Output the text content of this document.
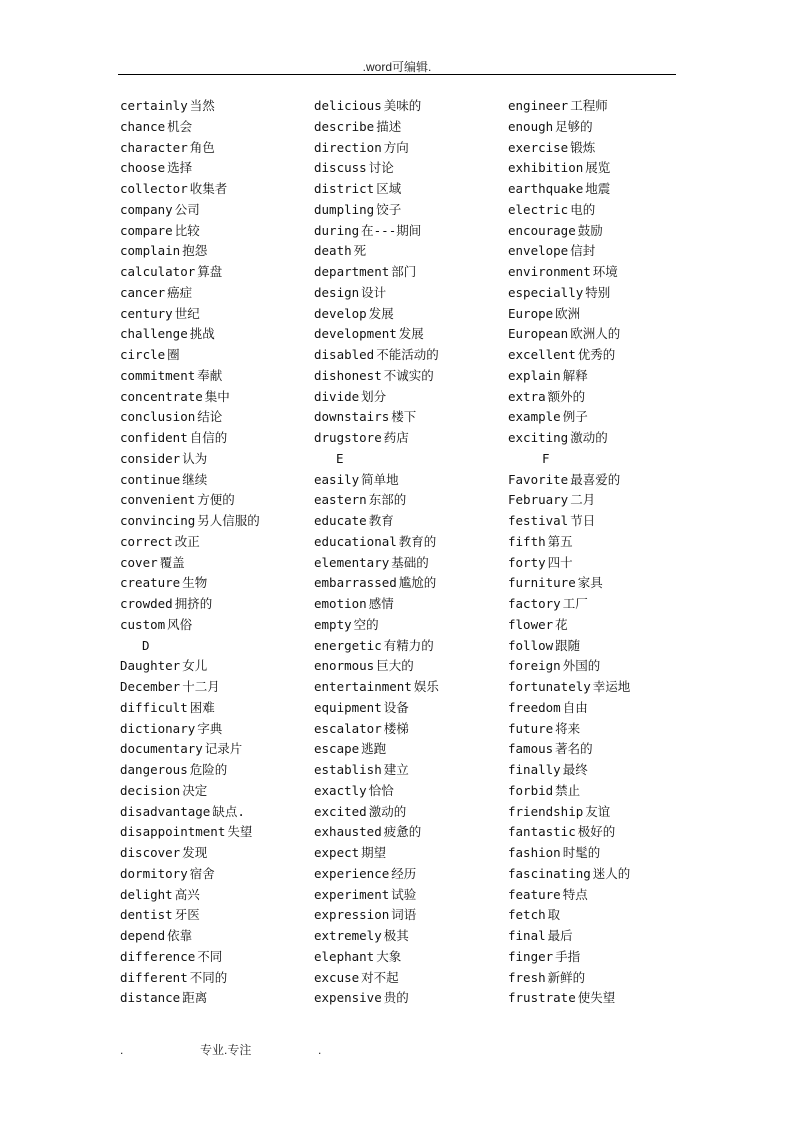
.word可编辑.
certainly 当然
chance 机会
character 角色
choose 选择
collector 收集者
company 公司
compare 比较
complain 抱怨
calculator 算盘
cancer 癌症
century 世纪
challenge 挑战
circle 圈
commitment 奉献
concentrate 集中
conclusion 结论
confident 自信的
consider 认为
continue 继续
convenient 方便的
convincing 另人信服的
correct 改正
cover 覆盖
creature 生物
crowded 拥挤的
custom 风俗
D
Daughter 女儿
December 十二月
difficult 困难
dictionary 字典
documentary 记录片
dangerous 危险的
decision 决定
disadvantage 缺点.
disappointment 失望
discover 发现
dormitory 宿舍
delight 高兴
dentist 牙医
depend 依靠
difference 不同
different 不同的
distance 距离
delicious 美味的
describe 描述
direction 方向
discuss 讨论
district 区域
dumpling 饺子
during 在---期间
death 死
department 部门
design 设计
develop 发展
development 发展
disabled 不能活动的
dishonest 不诚实的
divide 划分
downstairs 楼下
drugstore 药店
E
easily 简单地
eastern 东部的
educate 教育
educational 教育的
elementary 基础的
embarrassed 尴尬的
emotion 感情
empty 空的
energetic 有精力的
enormous 巨大的
entertainment 娱乐
equipment 设备
escalator 楼梯
escape 逃跑
establish 建立
exactly 恰恰
excited 激动的
exhausted 疲惫的
expect 期望
experience 经历
experiment 试验
expression 词语
extremely 极其
elephant 大象
excuse 对不起
expensive 贵的
engineer 工程师
enough 足够的
exercise 锻炼
exhibition 展览
earthquake 地震
electric 电的
encourage 鼓励
envelope 信封
environment 环境
especially 特别
Europe 欧洲
European 欧洲人的
excellent 优秀的
explain 解释
extra 额外的
example 例子
exciting 激动的
F
Favorite 最喜爱的
February 二月
festival 节日
fifth 第五
forty 四十
furniture 家具
factory 工厂
flower 花
follow 跟随
foreign 外国的
fortunately 幸运地
freedom 自由
future 将来
famous 著名的
finally 最终
forbid 禁止
friendship 友谊
fantastic 极好的
fashion 时髦的
fascinating 迷人的
feature 特点
fetch 取
final 最后
finger 手指
fresh 新鲜的
frustrate 使失望
.	专业.专注	.
